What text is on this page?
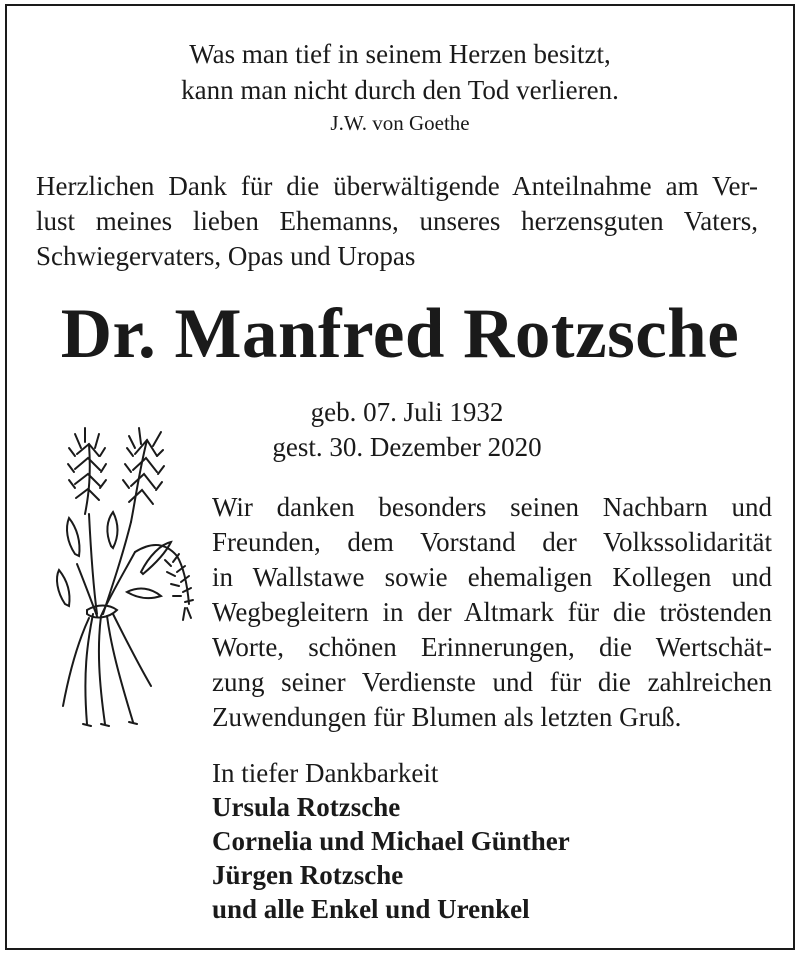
Was man tief in seinem Herzen besitzt,
kann man nicht durch den Tod verlieren.
J.W. von Goethe
Herzlichen Dank für die überwältigende Anteilnahme am Ver-
lust meines lieben Ehemanns, unseres herzensguten Vaters,
Schwiegervaters, Opas und Uropas
Dr. Manfred Rotzsche
geb. 07. Juli 1932
gest. 30. Dezember 2020
Wir danken besonders seinen Nachbarn und
Freunden, dem Vorstand der Volkssolidarität
in Wallstawe sowie ehemaligen Kollegen und
Wegbegleitern in der Altmark für die tröstenden
Worte, schönen Erinnerungen, die Wertschät-
zung seiner Verdienste und für die zahlreichen
Zuwendungen für Blumen als letzten Gruß.
In tiefer Dankbarkeit
Ursula Rotzsche
Cornelia und Michael Günther
Jürgen Rotzsche
und alle Enkel und Urenkel
